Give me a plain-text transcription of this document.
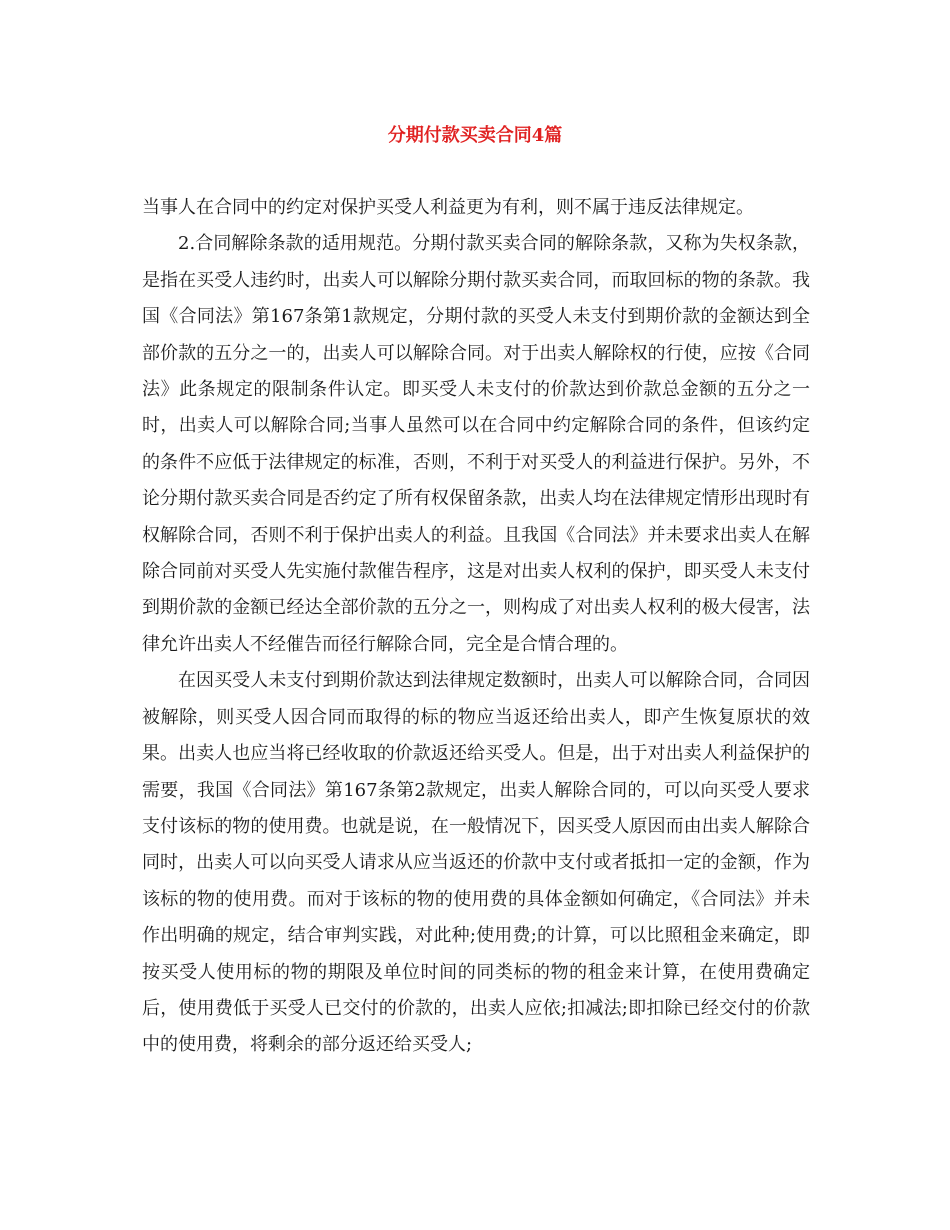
分期付款买卖合同4篇

当事人在合同中的约定对保护买受人利益更为有利，则不属于违反法律规定。

2.合同解除条款的适用规范。分期付款买卖合同的解除条款，又称为失权条款，是指在买受人违约时，出卖人可以解除分期付款买卖合同，而取回标的物的条款。我国《合同法》第167条第1款规定，分期付款的买受人未支付到期价款的金额达到全部价款的五分之一的，出卖人可以解除合同。对于出卖人解除权的行使，应按《合同法》此条规定的限制条件认定。即买受人未支付的价款达到价款总金额的五分之一时，出卖人可以解除合同;当事人虽然可以在合同中约定解除合同的条件，但该约定的条件不应低于法律规定的标准，否则，不利于对买受人的利益进行保护。另外，不论分期付款买卖合同是否约定了所有权保留条款，出卖人均在法律规定情形出现时有权解除合同，否则不利于保护出卖人的利益。且我国《合同法》并未要求出卖人在解除合同前对买受人先实施付款催告程序，这是对出卖人权利的保护，即买受人未支付到期价款的金额已经达全部价款的五分之一，则构成了对出卖人权利的极大侵害，法律允许出卖人不经催告而径行解除合同，完全是合情合理的。

在因买受人未支付到期价款达到法律规定数额时，出卖人可以解除合同，合同因被解除，则买受人因合同而取得的标的物应当返还给出卖人，即产生恢复原状的效果。出卖人也应当将已经收取的价款返还给买受人。但是，出于对出卖人利益保护的需要，我国《合同法》第167条第2款规定，出卖人解除合同的，可以向买受人要求支付该标的物的使用费。也就是说，在一般情况下，因买受人原因而由出卖人解除合同时，出卖人可以向买受人请求从应当返还的价款中支付或者抵扣一定的金额，作为该标的物的使用费。而对于该标的物的使用费的具体金额如何确定，《合同法》并未作出明确的规定，结合审判实践，对此种;使用费;的计算，可以比照租金来确定，即按买受人使用标的物的期限及单位时间的同类标的物的租金来计算，在使用费确定后，使用费低于买受人已交付的价款的，出卖人应依;扣减法;即扣除已经交付的价款中的使用费，将剩余的部分返还给买受人;
